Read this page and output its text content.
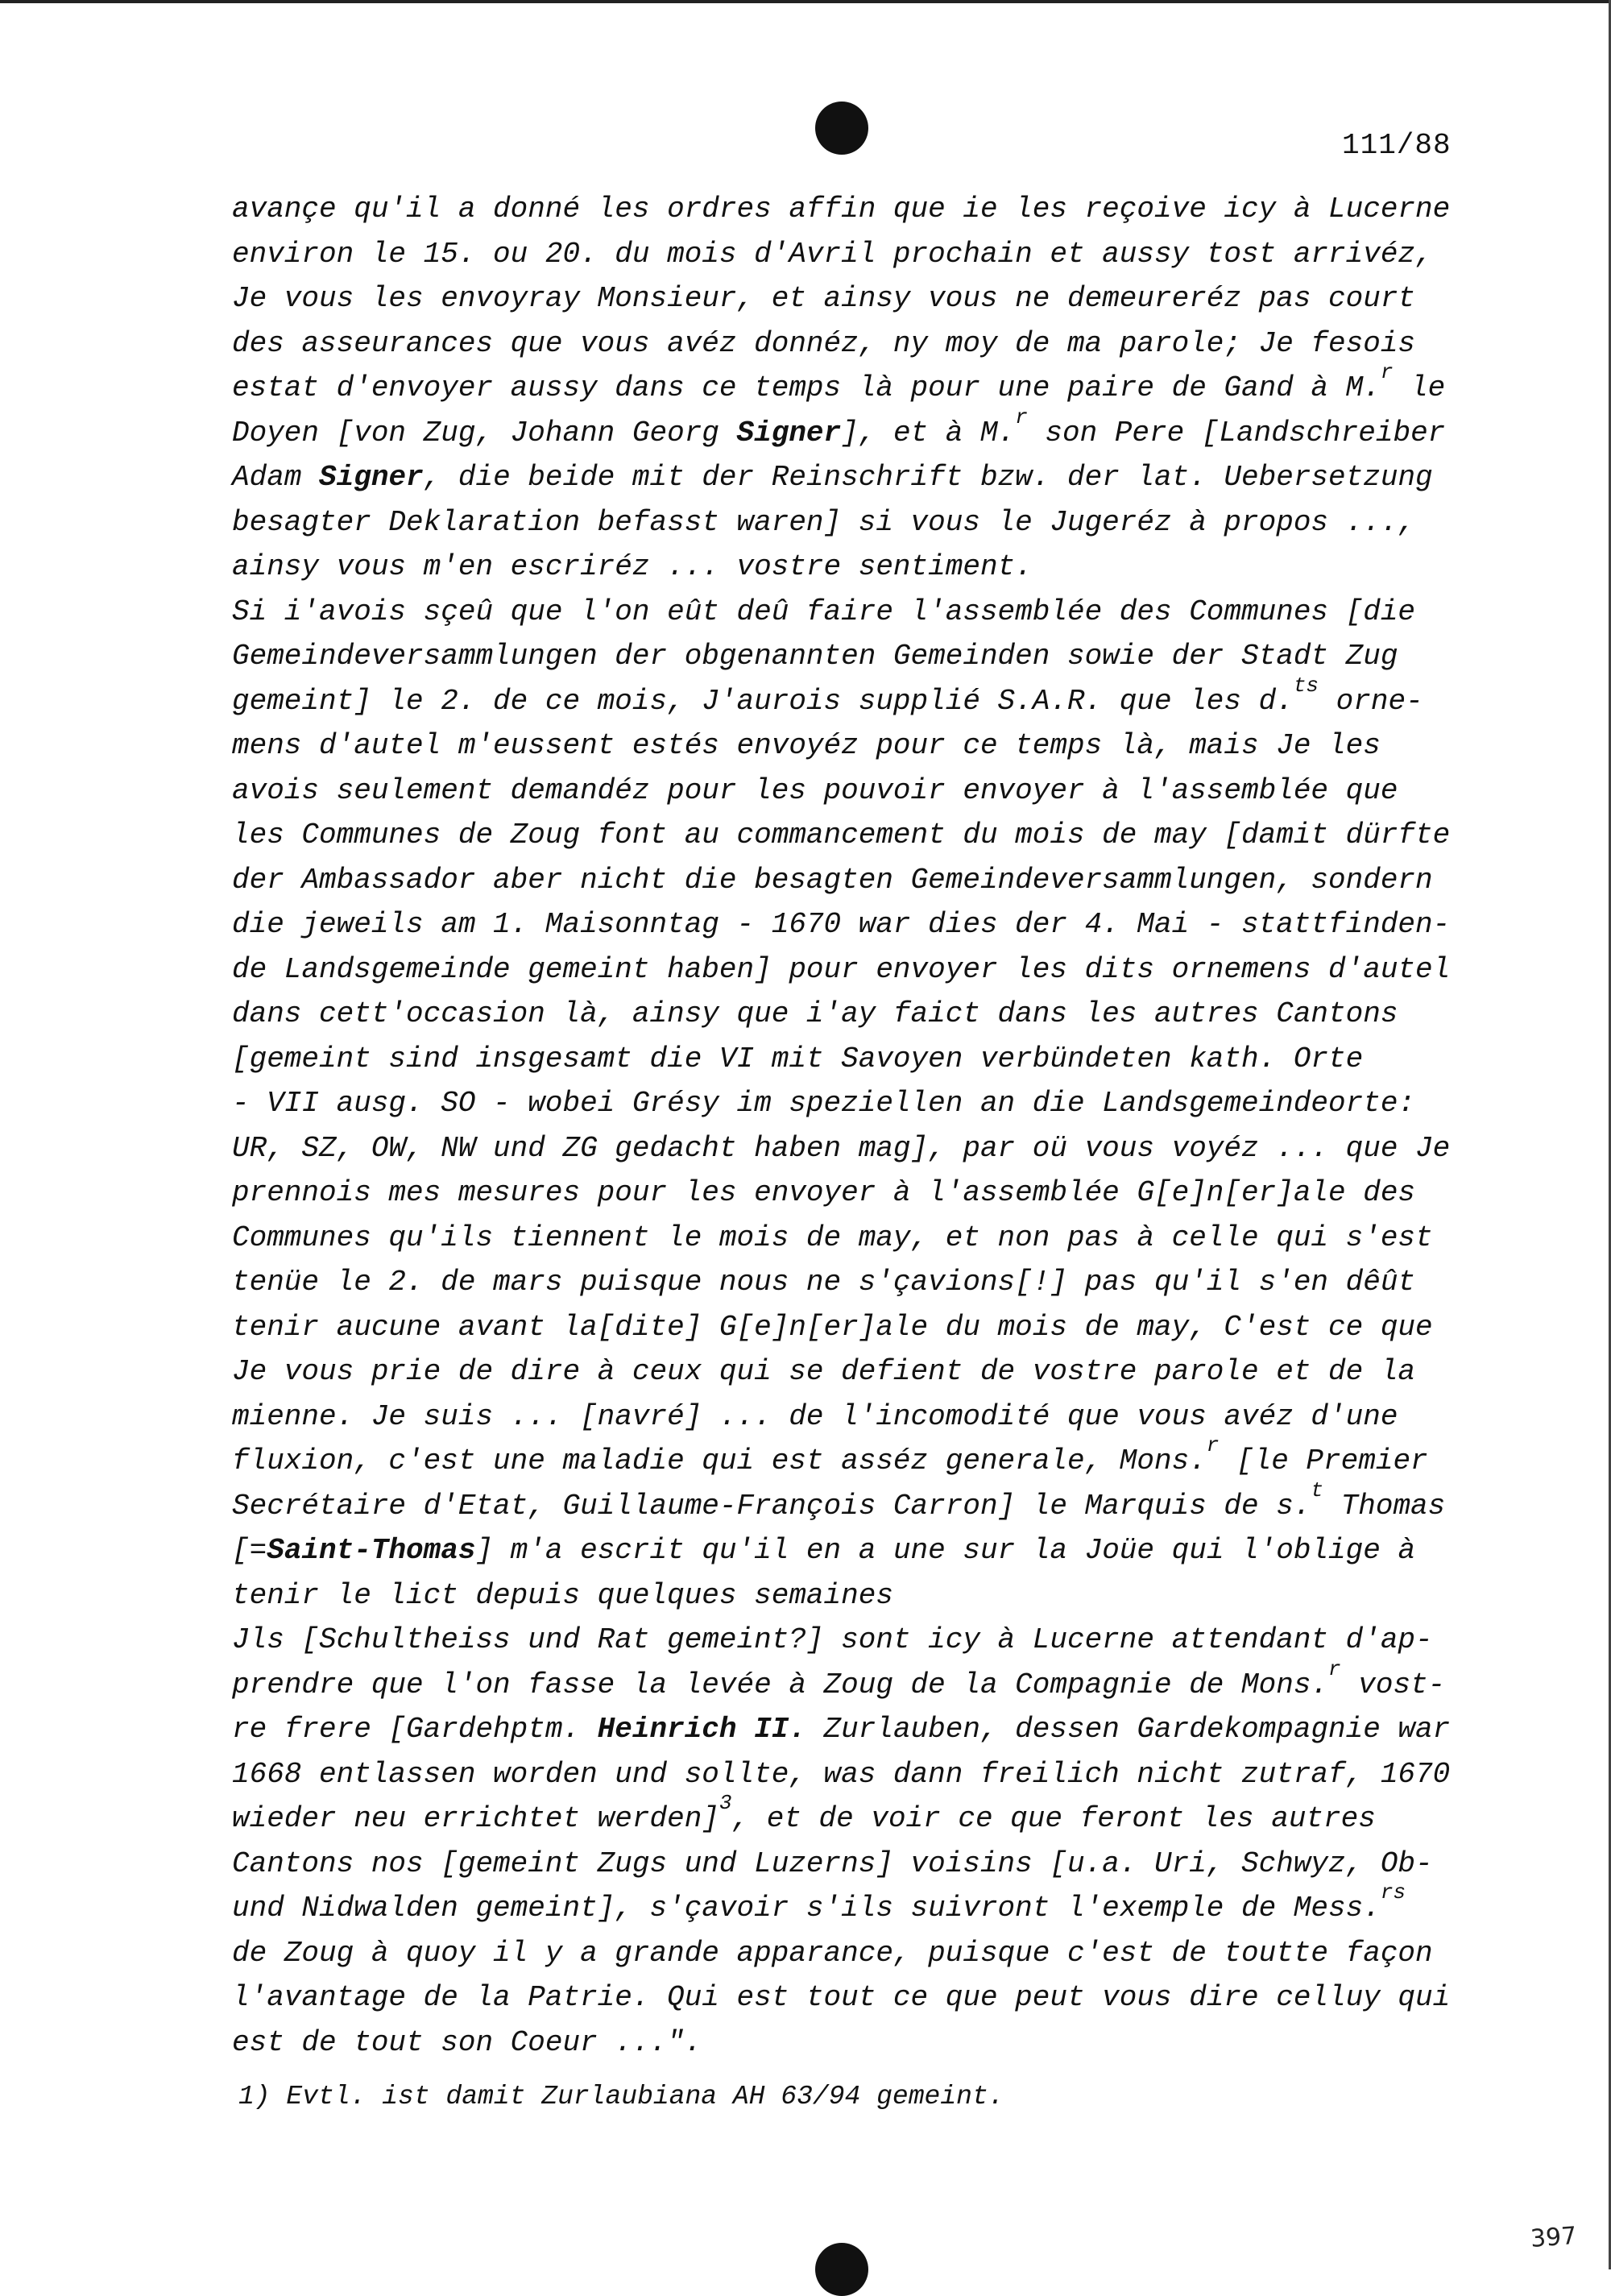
111/88
avançe qu'il a donné les ordres affin que ie les reçoive icy à Lucerne
environ le 15. ou 20. du mois d'Avril prochain et aussy tost arrivéz,
Je vous les envoyray Monsieur, et ainsy vous ne demeureréz pas court
des asseurances que vous avéz donnéz, ny moy de ma parole; Je fesois
estat d'envoyer aussy dans ce temps là pour une paire de Gand à M.$^r$ le
Doyen [von Zug, Johann Georg Signer], et à M.$^r$ son Pere [Landschreiber
Adam Signer, die beide mit der Reinschrift bzw. der lat. Uebersetzung
besagter Deklaration befasst waren] si vous le Jugeréz à propos ...,
ainsy vous m'en escriréz ... vostre sentiment.
Si i'avois sçeû que l'on eût deû faire l'assemblée des Communes [die
Gemeindeversammlungen der obgenannten Gemeinden sowie der Stadt Zug
gemeint] le 2. de ce mois, J'aurois supplié S.A.R. que les d.$^{ts}$ orne-
mens d'autel m'eussent estés envoyéz pour ce temps là, mais Je les
avois seulement demandéz pour les pouvoir envoyer à l'assemblée que
les Communes de Zoug font au commancement du mois de may [damit dürfte
der Ambassador aber nicht die besagten Gemeindeversammlungen, sondern
die jeweils am 1. Maisonntag - 1670 war dies der 4. Mai - stattfinden-
de Landsgemeinde gemeint haben] pour envoyer les dits ornemens d'autel
dans cett'occasion là, ainsy que i'ay faict dans les autres Cantons
[gemeint sind insgesamt die VI mit Savoyen verbündeten kath. Orte
- VII ausg. SO - wobei Grésy im speziellen an die Landsgemeindeorte:
UR, SZ, OW, NW und ZG gedacht haben mag], par oü vous voyéz ... que Je
prennois mes mesures pour les envoyer à l'assemblée G[e]n[er]ale des
Communes qu'ils tiennent le mois de may, et non pas à celle qui s'est
tenüe le 2. de mars puisque nous ne s'çavions[!] pas qu'il s'en dêût
tenir aucune avant la[dite] G[e]n[er]ale du mois de may, C'est ce que
Je vous prie de dire à ceux qui se defient de vostre parole et de la
mienne. Je suis ... [navré] ... de l'incomodité que vous avéz d'une
fluxion, c'est une maladie qui est asséz generale, Mons.$^r$ [le Premier
Secrétaire d'Etat, Guillaume-François Carron] le Marquis de s.$^t$ Thomas
[=Saint-Thomas] m'a escrit qu'il en a une sur la Joüe qui l'oblige à
tenir le lict depuis quelques semaines
Jls [Schultheiss und Rat gemeint?] sont icy à Lucerne attendant d'ap-
prendre que l'on fasse la levée à Zoug de la Compagnie de Mons.$^r$ vost-
re frere [Gardehptm. Heinrich II. Zurlauben, dessen Gardekompagnie war
1668 entlassen worden und sollte, was dann freilich nicht zutraf, 1670
wieder neu errichtet werden]$^3$, et de voir ce que feront les autres
Cantons nos [gemeint Zugs und Luzerns] voisins [u.a. Uri, Schwyz, Ob-
und Nidwalden gemeint], s'çavoir s'ils suivront l'exemple de Mess.$^{rs}$
de Zoug à quoy il y a grande apparance, puisque c'est de toutte façon
l'avantage de la Patrie. Qui est tout ce que peut vous dire celluy qui
est de tout son Coeur ...".
1) Evtl. ist damit Zurlaubiana AH 63/94 gemeint.
397
